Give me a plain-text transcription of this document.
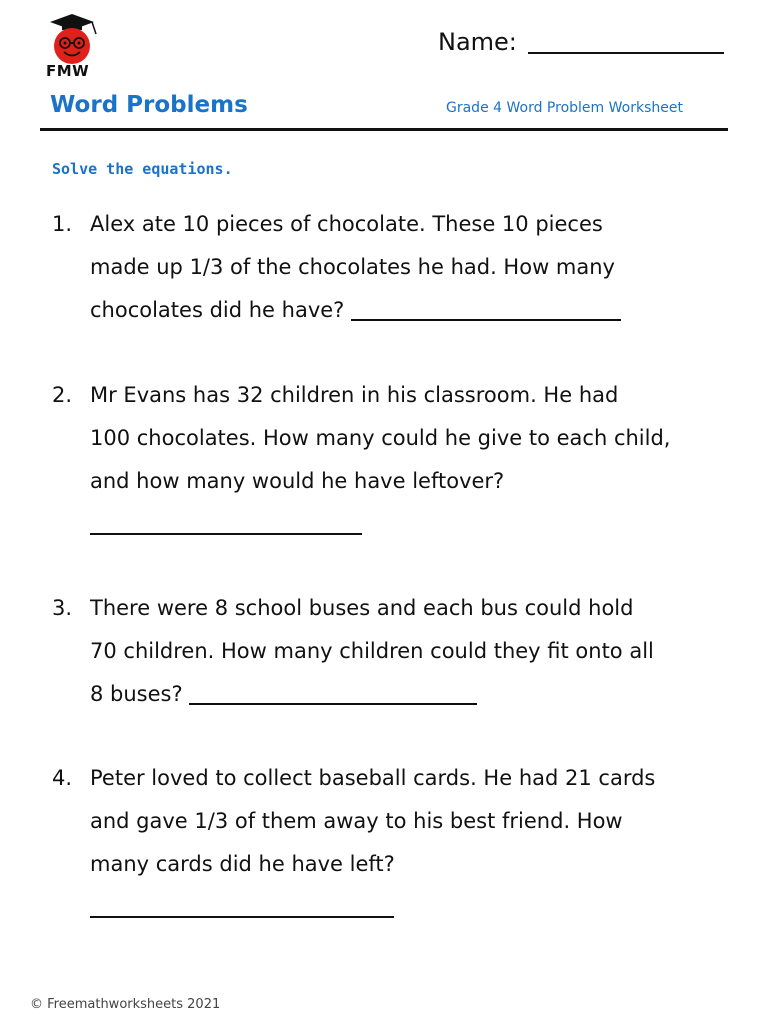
FMW
Name:
Word Problems	Grade 4 Word Problem Worksheet
Solve the equations.
1. Alex ate 10 pieces of chocolate. These 10 pieces
made up 1/3 of the chocolates he had. How many
chocolates did he have?
2. Mr Evans has 32 children in his classroom. He had
100 chocolates. How many could he give to each child,
and how many would he have leftover?
3. There were 8 school buses and each bus could hold
70 children. How many children could they fit onto all
8 buses?
4. Peter loved to collect baseball cards. He had 21 cards
and gave 1/3 of them away to his best friend. How
many cards did he have left?
© Freemathworksheets 2021
